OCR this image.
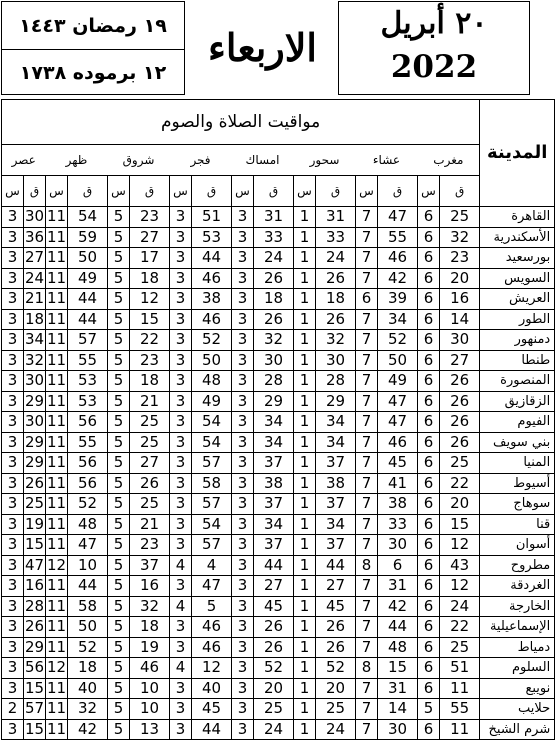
١٩ رمضان ١٤٤٣
١٢ برموده ١٧٣٨
الاربعاء
٢٠ أبريل
2022
مواقيت الصلاة والصوم																المدينة
عصر		ظهر		شروق		فجر		امساك		سحور		عشاء		مغرب		
س	ق	س	ق	س	ق	س	ق	س	ق	س	ق	س	ق	س	ق	
3	30	11	54	5	23	3	51	3	31	1	31	7	47	6	25	القاهرة
3	36	11	59	5	27	3	53	3	33	1	33	7	55	6	32	الأسكندرية
3	27	11	50	5	17	3	44	3	24	1	24	7	46	6	23	بورسعيد
3	24	11	49	5	18	3	46	3	26	1	26	7	42	6	20	السويس
3	21	11	44	5	12	3	38	3	18	1	18	6	39	6	16	العريش
3	18	11	44	5	15	3	46	3	26	1	26	7	34	6	14	الطور
3	34	11	57	5	22	3	52	3	32	1	32	7	52	6	30	دمنهور
3	32	11	55	5	23	3	50	3	30	1	30	7	50	6	27	طنطا
3	30	11	53	5	18	3	48	3	28	1	28	7	49	6	26	المنصورة
3	29	11	53	5	21	3	49	3	29	1	29	7	47	6	26	الزقازيق
3	30	11	56	5	25	3	54	3	34	1	34	7	47	6	26	الفيوم
3	29	11	55	5	25	3	54	3	34	1	34	7	46	6	26	بني سويف
3	29	11	56	5	27	3	57	3	37	1	37	7	45	6	25	المنيا
3	26	11	56	5	26	3	58	3	38	1	38	7	41	6	22	أسيوط
3	25	11	52	5	25	3	57	3	37	1	37	7	38	6	20	سوهاج
3	19	11	48	5	21	3	54	3	34	1	34	7	33	6	15	قنا
3	15	11	47	5	23	3	57	3	37	1	37	7	30	6	12	أسوان
3	47	12	10	5	37	4	4	3	44	1	44	8	6	6	43	مطروح
3	16	11	44	5	16	3	47	3	27	1	27	7	31	6	12	الغردقة
3	28	11	58	5	32	4	5	3	45	1	45	7	42	6	24	الخارجة
3	26	11	50	5	18	3	46	3	26	1	26	7	44	6	22	الإسماعيلية
3	29	11	52	5	19	3	46	3	26	1	26	7	48	6	25	دمياط
3	56	12	18	5	46	4	12	3	52	1	52	8	15	6	51	السلوم
3	15	11	40	5	10	3	40	3	20	1	20	7	31	6	11	نويبع
2	57	11	32	5	10	3	45	3	25	1	25	7	14	5	55	حلايب
3	15	11	42	5	13	3	44	3	24	1	24	7	30	6	11	شرم الشيخ
